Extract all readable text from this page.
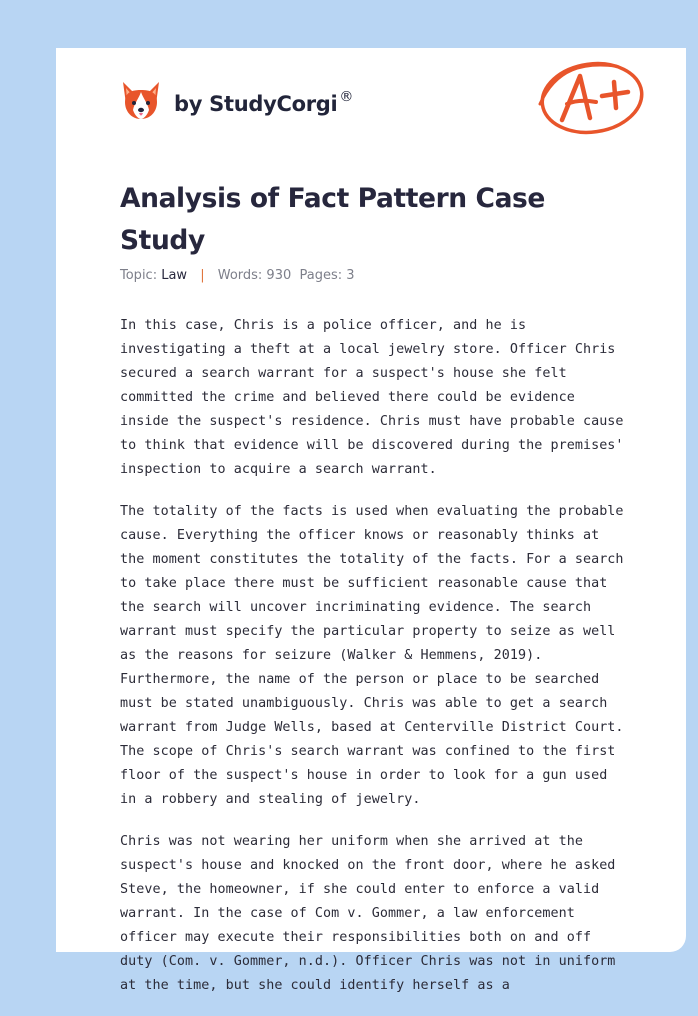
by StudyCorgi ®
Analysis of Fact Pattern Case Study
Topic: Law | Words: 930 Pages: 3

In this case, Chris is a police officer, and he is investigating a theft at a local jewelry store. Officer Chris secured a search warrant for a suspect's house she felt committed the crime and believed there could be evidence inside the suspect's residence. Chris must have probable cause to think that evidence will be discovered during the premises' inspection to acquire a search warrant.

The totality of the facts is used when evaluating the probable cause. Everything the officer knows or reasonably thinks at the moment constitutes the totality of the facts. For a search to take place there must be sufficient reasonable cause that the search will uncover incriminating evidence. The search warrant must specify the particular property to seize as well as the reasons for seizure (Walker & Hemmens, 2019). Furthermore, the name of the person or place to be searched must be stated unambiguously. Chris was able to get a search warrant from Judge Wells, based at Centerville District Court. The scope of Chris's search warrant was confined to the first floor of the suspect's house in order to look for a gun used in a robbery and stealing of jewelry.

Chris was not wearing her uniform when she arrived at the suspect's house and knocked on the front door, where he asked Steve, the homeowner, if she could enter to enforce a valid warrant. In the case of Com v. Gommer, a law enforcement officer may execute their responsibilities both on and off duty (Com. v. Gommer, n.d.). Officer Chris was not in uniform at the time, but she could identify herself as a
